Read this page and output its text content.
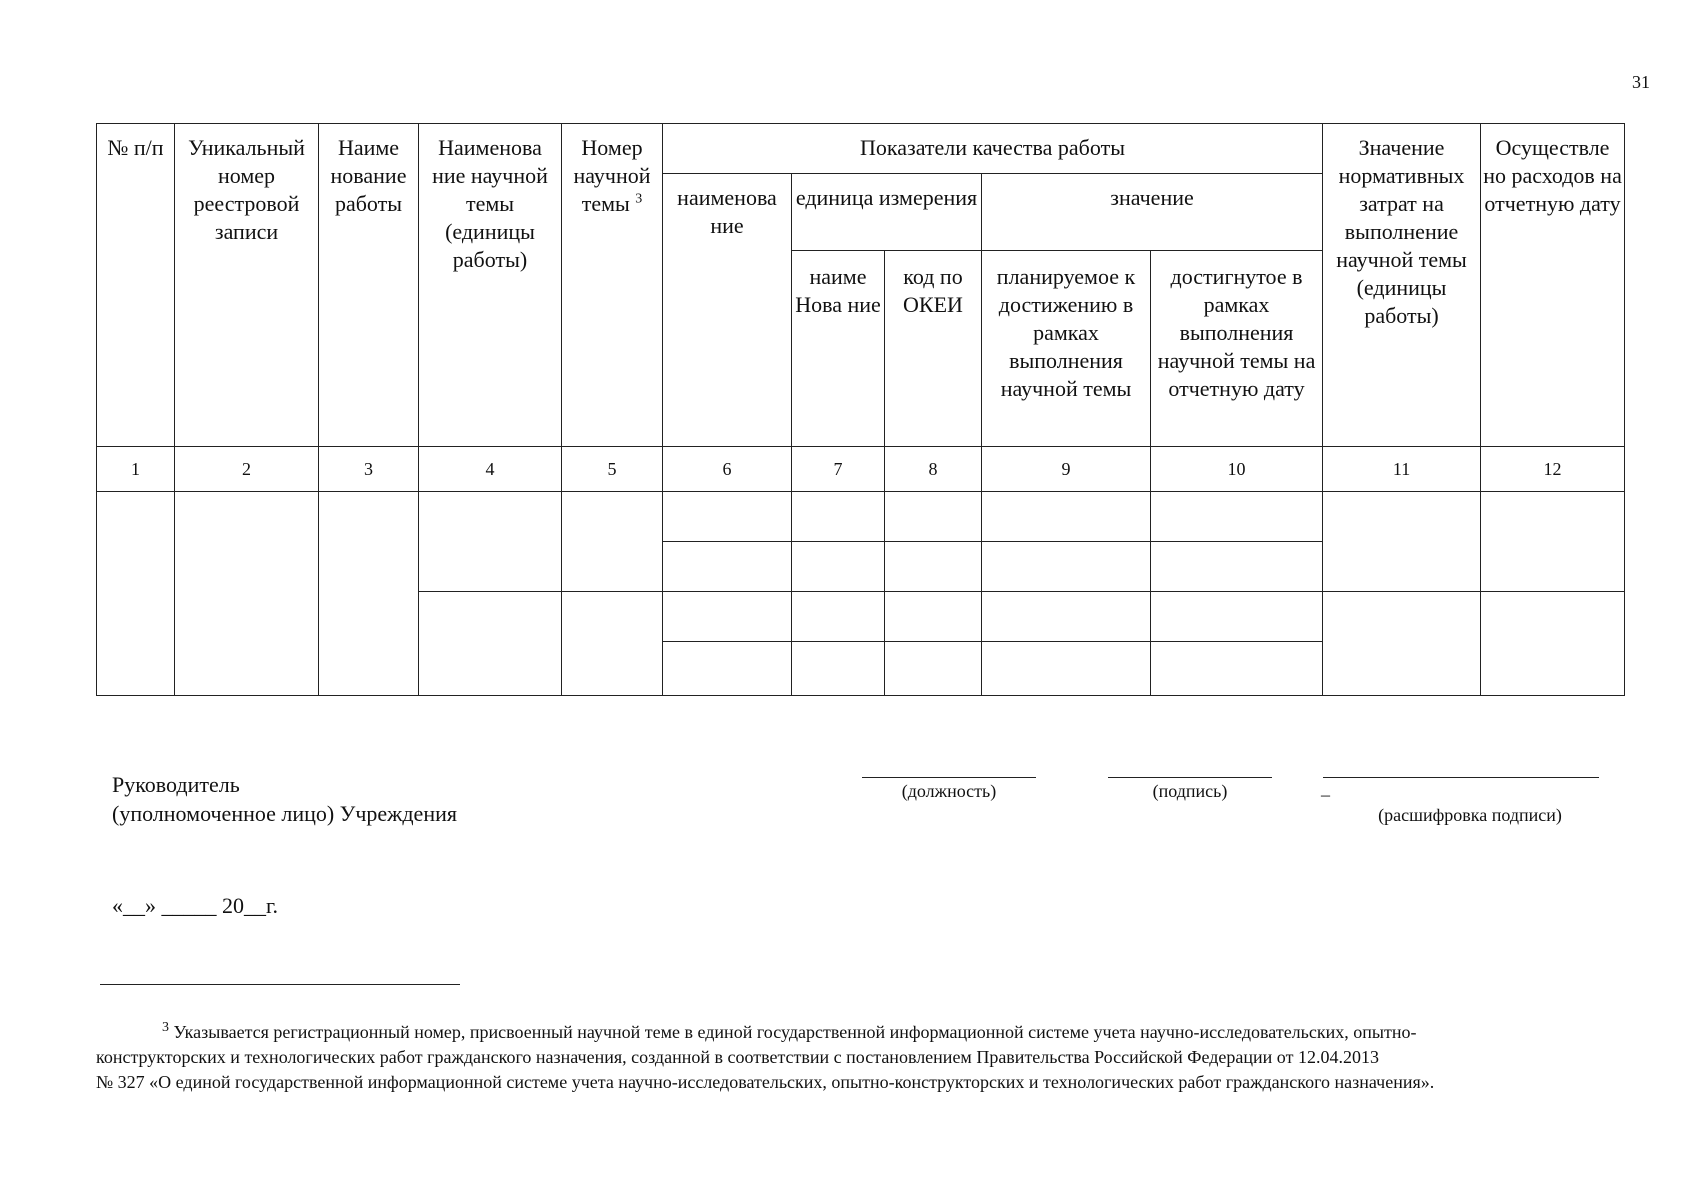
31
№ п/п	Уникальный номер реестровой записи	Наиме нование работы	Наименова ние научной темы (единицы работы)	Номер научной темы $^3$	Показатели качества работы					Значение нормативных затрат на выполнение научной темы (единицы работы)	Осуществле но расходов на отчетную дату
					наименова ние	единица измерения		значение			
						наиме Нова ние	код по ОКЕИ	планируемое к достижению в рамках выполнения научной темы	достигнутое в рамках выполнения научной темы на отчетную дату		
1	2	3	4	5	6	7	8	9	10	11	12

Руководитель
(уполномоченное лицо) Учреждения
(должность)	(подпись)	_
(расшифровка подписи)
«__» _____ 20__г.
$^3$ Указывается регистрационный номер, присвоенный научной теме в единой государственной информационной системе учета научно-исследовательских, опытно-
конструкторских и технологических работ гражданского назначения, созданной в соответствии с постановлением Правительства Российской Федерации от 12.04.2013
№ 327 «О единой государственной информационной системе учета научно-исследовательских, опытно-конструкторских и технологических работ гражданского назначения».
